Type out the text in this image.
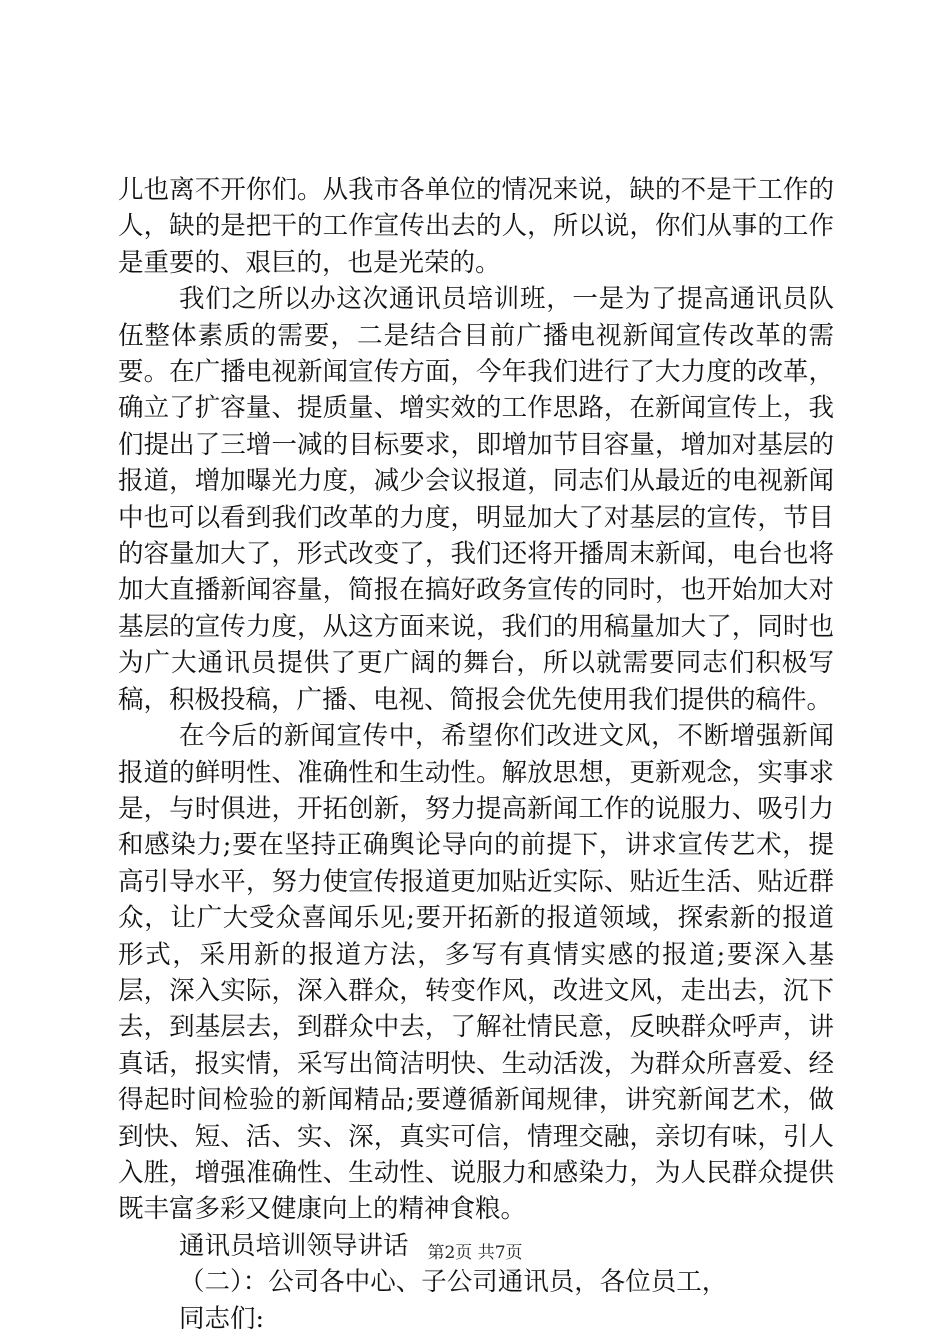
儿也离不开你们。从我市各单位的情况来说，缺的不是干工作的人，缺的是把干的工作宣传出去的人，所以说，你们从事的工作是重要的、艰巨的，也是光荣的。

我们之所以办这次通讯员培训班，一是为了提高通讯员队伍整体素质的需要，二是结合目前广播电视新闻宣传改革的需要。在广播电视新闻宣传方面，今年我们进行了大力度的改革，确立了扩容量、提质量、增实效的工作思路，在新闻宣传上，我们提出了三增一减的目标要求，即增加节目容量，增加对基层的报道，增加曝光力度，减少会议报道，同志们从最近的电视新闻中也可以看到我们改革的力度，明显加大了对基层的宣传，节目的容量加大了，形式改变了，我们还将开播周末新闻，电台也将加大直播新闻容量，简报在搞好政务宣传的同时，也开始加大对基层的宣传力度，从这方面来说，我们的用稿量加大了，同时也为广大通讯员提供了更广阔的舞台，所以就需要同志们积极写稿，积极投稿，广播、电视、简报会优先使用我们提供的稿件。

在今后的新闻宣传中，希望你们改进文风，不断增强新闻报道的鲜明性、准确性和生动性。解放思想，更新观念，实事求是，与时俱进，开拓创新，努力提高新闻工作的说服力、吸引力和感染力;要在坚持正确舆论导向的前提下，讲求宣传艺术，提高引导水平，努力使宣传报道更加贴近实际、贴近生活、贴近群众，让广大受众喜闻乐见;要开拓新的报道领域，探索新的报道形式，采用新的报道方法，多写有真情实感的报道;要深入基层，深入实际，深入群众，转变作风，改进文风，走出去，沉下去，到基层去，到群众中去，了解社情民意，反映群众呼声，讲真话，报实情，采写出简洁明快、生动活泼，为群众所喜爱、经得起时间检验的新闻精品;要遵循新闻规律，讲究新闻艺术，做到快、短、活、实、深，真实可信，情理交融，亲切有味，引人入胜，增强准确性、生动性、说服力和感染力，为人民群众提供既丰富多彩又健康向上的精神食粮。

通讯员培训领导讲话

（二）：公司各中心、子公司通讯员，各位员工，

同志们:

第2页 共7页
